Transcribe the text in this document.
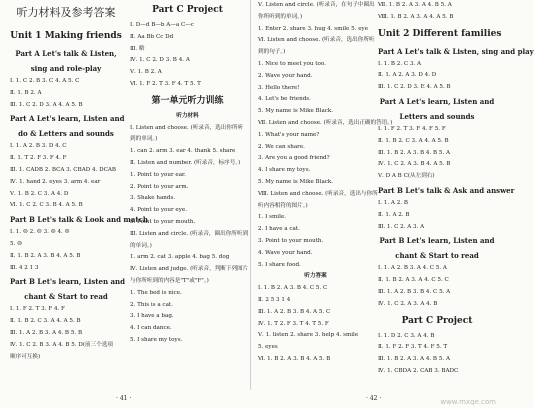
听力材料及参考答案
Unit 1 Making friends
Part A Let's talk & Listen,
sing and role-play
Ⅰ. 1. C 2. B 3. C 4. A 5. C
Ⅱ. 1. B 2. A
Ⅲ. 1. C 2. D 3. A 4. A 5. B
Part A Let's learn, Listen and
do & Letters and sounds
Ⅰ. 1. A 2. B 3. D 4. C
Ⅱ. 1. T 2. F 3. F 4. F
Ⅲ. 1. CADB 2. BCA 3. CBAD 4. DCAB
Ⅳ. 1. hand 2. eyes 3. arm 4. ear
Ⅴ. 1. B 2. C 3. A 4. D
Ⅵ. 1. C 2. C 3. B 4. A 5. B
Part B Let's talk & Look and match
Ⅰ. 1. ☺ 2. ☹ 3. ☺ 4. ☹
5. ☺
Ⅱ. 1. B 2. A 3. B 4. A 5. B
Ⅲ. 4 2 1 3
Part B Let's learn, Listen and
chant & Start to read
Ⅰ. 1. F 2. T 3. F 4. F
Ⅱ. 1. B 2. C 3. A 4. A 5. B
Ⅲ. 1. A 2. B 3. A 4. B 5. B
Ⅳ. 1. C 2. B 3. A 4. B 5. D(前三个选项
顺序可互换)
Part C Project
Ⅰ. D—d B—b A—a C—c
Ⅱ. Aa Bb Cc Dd
Ⅲ. 略
Ⅳ. 1. C 2. D 3. B 4. A
Ⅴ. 1. B 2. A
Ⅵ. 1. F 2. T 3. F 4. T 5. T
第一单元听力训练
听力材料
Ⅰ. Listen and choose. (听录音，选出你所听
到的单词。)
1. can 2. arm 3. ear 4. thank 5. share
Ⅱ. Listen and number. (听录音，标序号。)
1. Point to your ear.
2. Point to your arm.
3. Shake hands.
4. Point to your eye.
5. Point to your mouth.
Ⅲ. Listen and circle. (听录音，圈出你所听到
的单词。)
1. arm 2. cat 3. apple 4. bag 5. dog
Ⅳ. Listen and judge. (听录音，判断下列图片
与你所听到的内容是"T"或"F"。)
1. The bed is nice.
2. This is a cat.
3. I have a bag.
4. I can dance.
5. I share my toys.
Ⅴ. Listen and circle. (听录音，在句子中圈出
你所听到的单词。)
1. Enter 2. share 3. hug 4. smile 5. eye
Ⅵ. Listen and choose. (听录音，选出你所听
到的句子。)
1. Nice to meet you too.
2. Wave your hand.
3. Hello there!
4. Let's be friends.
5. My name is Mike Black.
Ⅶ. Listen and choose. (听录音，选出正确的答语。)
1. What's your name?
2. We can share.
3. Are you a good friend?
4. I share my toys.
5. My name is Mike Black.
Ⅷ. Listen and choose. (听录音，选出与你所
听内容相符的图片。)
1. I smile.
2. I have a cat.
3. Point to your mouth.
4. Wave your hand.
5. I share food.
听力答案
Ⅰ. 1. B 2. A 3. B 4. C 5. C
Ⅱ. 2 5 3 1 4
Ⅲ. 1. A 2. B 3. B 4. A 5. C
Ⅳ. 1. T 2. F 3. T 4. T 5. F
Ⅴ. 1. listen 2. share 3. help 4. smile
5. eyes
Ⅵ. 1. B 2. A 3. B 4. A 5. B
Ⅶ. 1. B 2. A 3. A 4. B 5. A
Ⅷ. 1. B 2. A 3. A 4. A 5. B
Unit 2 Different families
Part A Let's talk & Listen, sing and play
Ⅰ. 1. B 2. C 3. A
Ⅱ. 1. A 2. A 3. D 4. D
Ⅲ. 1. C 2. D 3. E 4. A 5. B
Part A Let's learn, Listen and
Letters and sounds
Ⅰ. 1. F 2. T 3. F 4. F 5. F
Ⅱ. 1. B 2. C 3. A 4. A 5. B
Ⅲ. 1. B 2. A 3. B 4. B 5. A
Ⅳ. 1. C 2. A 3. B 4. A 5. B
Ⅴ. D A B C(从左到右)
Part B Let's talk & Ask and answer
Ⅰ. 1. A 2. B
Ⅱ. 1. A 2. B
Ⅲ. 1. C 2. A 3. A
Part B Let's learn, Listen and
chant & Start to read
Ⅰ. 1. A 2. B 3. A 4. C 5. A
Ⅱ. 1. B 2. A 3. A 4. C 5. C
Ⅲ. 1. A 2. B 3. B 4. C 5. A
Ⅳ. 1. C 2. A 3. A 4. B
Part C Project
Ⅰ. 1. D 2. C 3. A 4. B
Ⅱ. 1. F 2. F 3. T 4. F 5. T
Ⅲ. 1. B 2. A 3. A 4. B 5. A
Ⅳ. 1. CBDA 2. CAB 3. BADC
· 41 ·	· 42 ·	www.mxqe.com
